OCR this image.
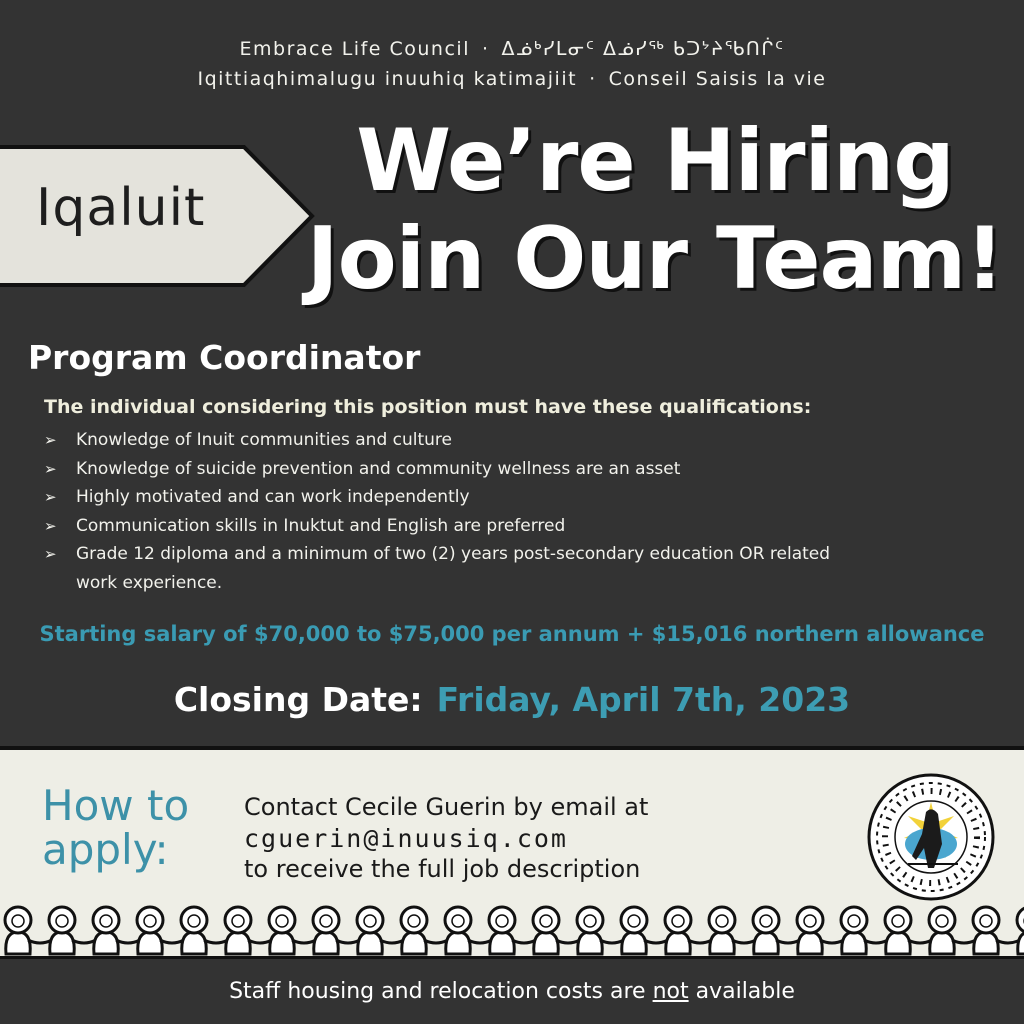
Embrace Life Council · ᐃᓅᒃᓯᒪᓂᑦ ᐃᓅᓯᖅ ᑲᑐᔾᔨᖃᑎᒌᑦ
Iqittiaqhimalugu inuuhiq katimajiit · Conseil Saisis la vie
Iqaluit	We’re Hiring
Join Our Team!
Program Coordinator
The individual considering this position must have these qualifications:
➢ Knowledge of Inuit communities and culture
➢ Knowledge of suicide prevention and community wellness are an asset
➢ Highly motivated and can work independently
➢ Communication skills in Inuktut and English are preferred
➢ Grade 12 diploma and a minimum of two (2) years post-secondary education OR related work experience.
Starting salary of $70,000 to $75,000 per annum + $15,016 northern allowance
Closing Date: Friday, April 7th, 2023
How to
apply:
Contact Cecile Guerin by email at
cguerin@inuusiq.com
to receive the full job description
Staff housing and relocation costs are not available
